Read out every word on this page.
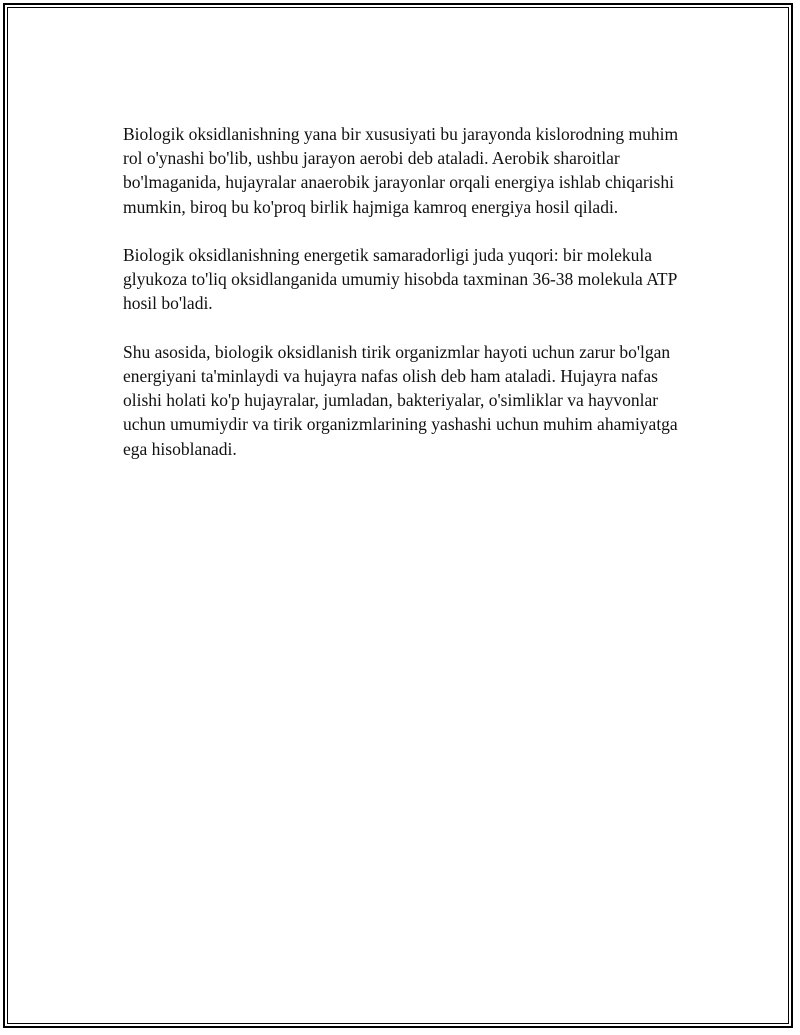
Biologik oksidlanishning yana bir xususiyati bu jarayonda kislorodning muhim rol o'ynashi bo'lib, ushbu jarayon aerobi deb ataladi. Aerobik sharoitlar bo'lmaganida, hujayralar anaerobik jarayonlar orqali energiya ishlab chiqarishi mumkin, biroq bu ko'proq birlik hajmiga kamroq energiya hosil qiladi.

Biologik oksidlanishning energetik samaradorligi juda yuqori: bir molekula glyukoza to'liq oksidlanganida umumiy hisobda taxminan 36-38 molekula ATP hosil bo'ladi.

Shu asosida, biologik oksidlanish tirik organizmlar hayoti uchun zarur bo'lgan energiyani ta'minlaydi va hujayra nafas olish deb ham ataladi. Hujayra nafas olishi holati ko'p hujayralar, jumladan, bakteriyalar, o'simliklar va hayvonlar uchun umumiydir va tirik organizmlarining yashashi uchun muhim ahamiyatga ega hisoblanadi.
